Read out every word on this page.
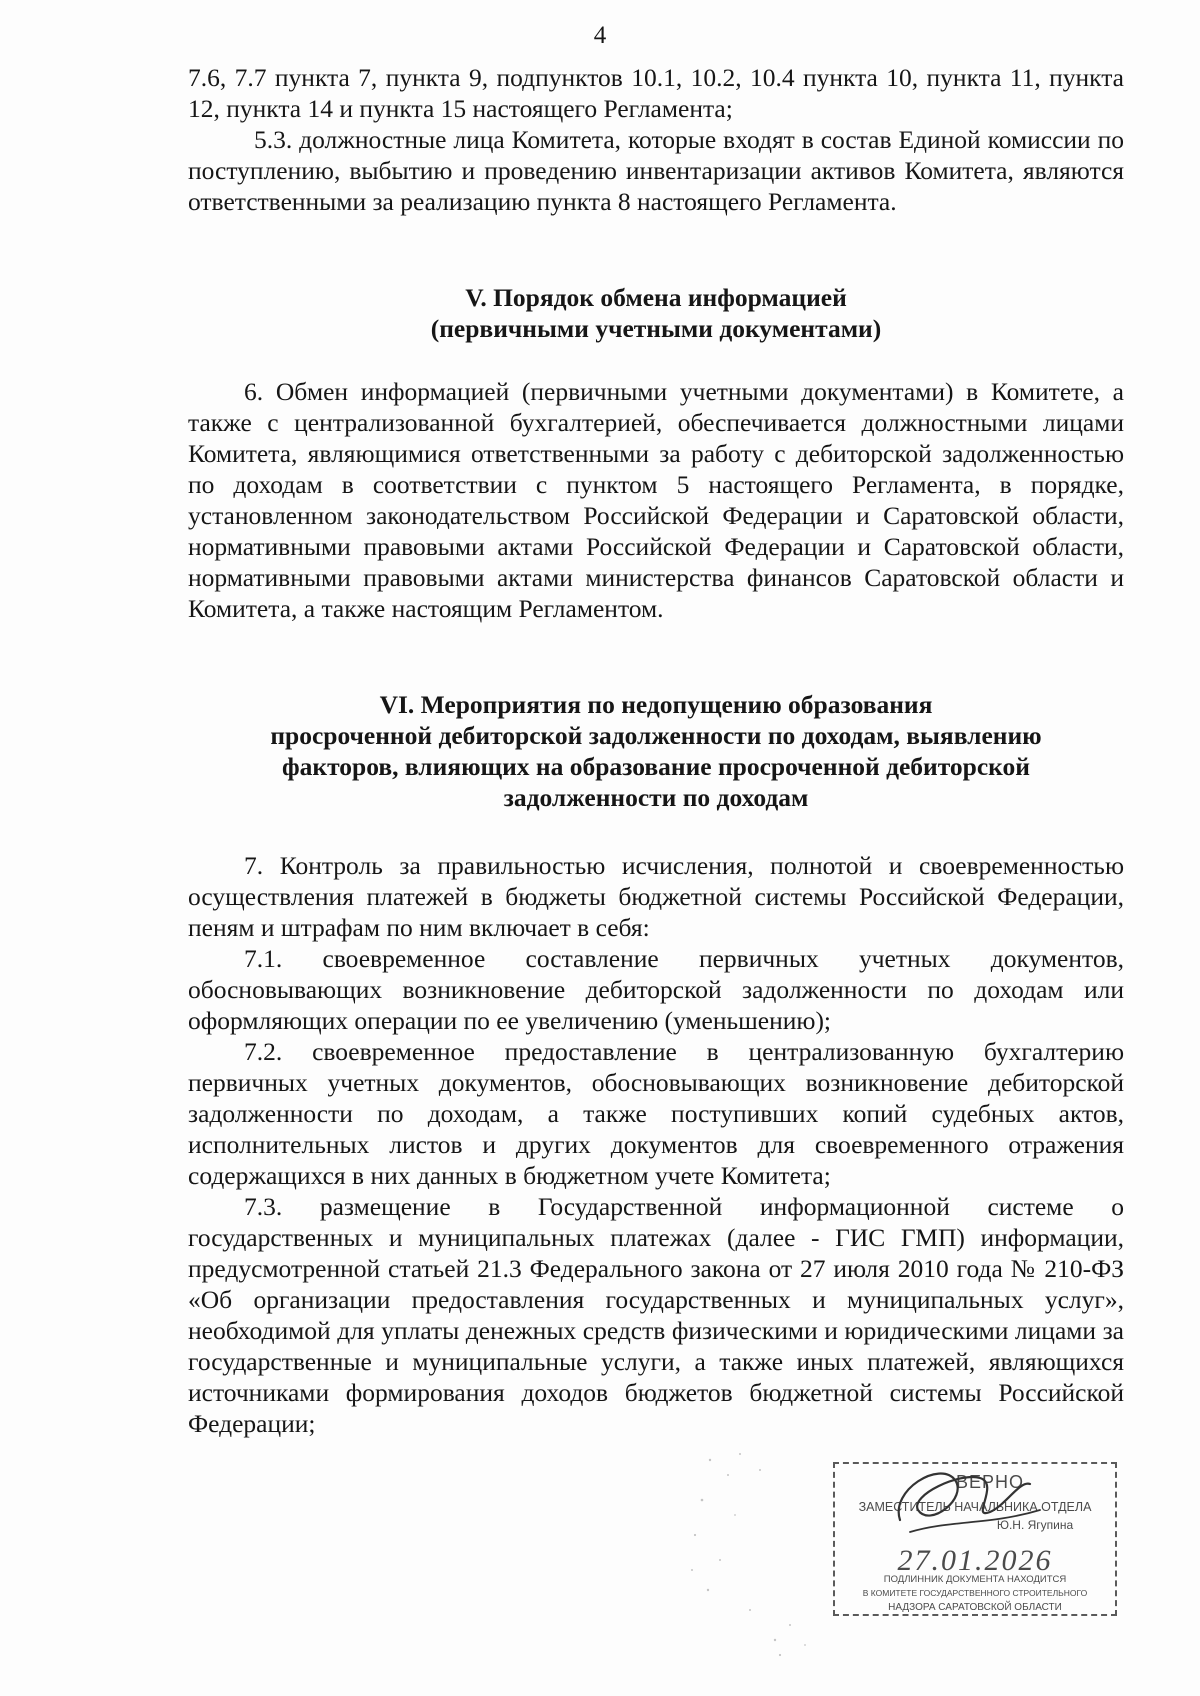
4

7.6, 7.7 пункта 7, пункта 9, подпунктов 10.1, 10.2, 10.4 пункта 10, пункта 11, пункта 12, пункта 14 и пункта 15 настоящего Регламента;

5.3. должностные лица Комитета, которые входят в состав Единой комиссии по поступлению, выбытию и проведению инвентаризации активов Комитета, являются ответственными за реализацию пункта 8 настоящего Регламента.

V. Порядок обмена информацией
(первичными учетными документами)

6. Обмен информацией (первичными учетными документами) в Комитете, а также с централизованной бухгалтерией, обеспечивается должностными лицами Комитета, являющимися ответственными за работу с дебиторской задолженностью по доходам в соответствии с пунктом 5 настоящего Регламента, в порядке, установленном законодательством Российской Федерации и Саратовской области, нормативными правовыми актами Российской Федерации и Саратовской области, нормативными правовыми актами министерства финансов Саратовской области и Комитета, а также настоящим Регламентом.

VI. Мероприятия по недопущению образования
просроченной дебиторской задолженности по доходам, выявлению
факторов, влияющих на образование просроченной дебиторской
задолженности по доходам

7. Контроль за правильностью исчисления, полнотой и своевременностью осуществления платежей в бюджеты бюджетной системы Российской Федерации, пеням и штрафам по ним включает в себя:

7.1. своевременное составление первичных учетных документов, обосновывающих возникновение дебиторской задолженности по доходам или оформляющих операции по ее увеличению (уменьшению);

7.2. своевременное предоставление в централизованную бухгалтерию первичных учетных документов, обосновывающих возникновение дебиторской задолженности по доходам, а также поступивших копий судебных актов, исполнительных листов и других документов для своевременного отражения содержащихся в них данных в бюджетном учете Комитета;

7.3. размещение в Государственной информационной системе о государственных и муниципальных платежах (далее - ГИС ГМП) информации, предусмотренной статьей 21.3 Федерального закона от 27 июля 2010 года № 210-ФЗ «Об организации предоставления государственных и муниципальных услуг», необходимой для уплаты денежных средств физическими и юридическими лицами за государственные и муниципальные услуги, а также иных платежей, являющихся источниками формирования доходов бюджетов бюджетной системы Российской Федерации;

ВЕРНО
ЗАМЕСТИТЕЛЬ НАЧАЛЬНИКА ОТДЕЛА
Ю.Н. Ягупина
27.01.2026
ПОДЛИННИК ДОКУМЕНТА НАХОДИТСЯ
В КОМИТЕТЕ ГОСУДАРСТВЕННОГО СТРОИТЕЛЬНОГО
НАДЗОРА САРАТОВСКОЙ ОБЛАСТИ
